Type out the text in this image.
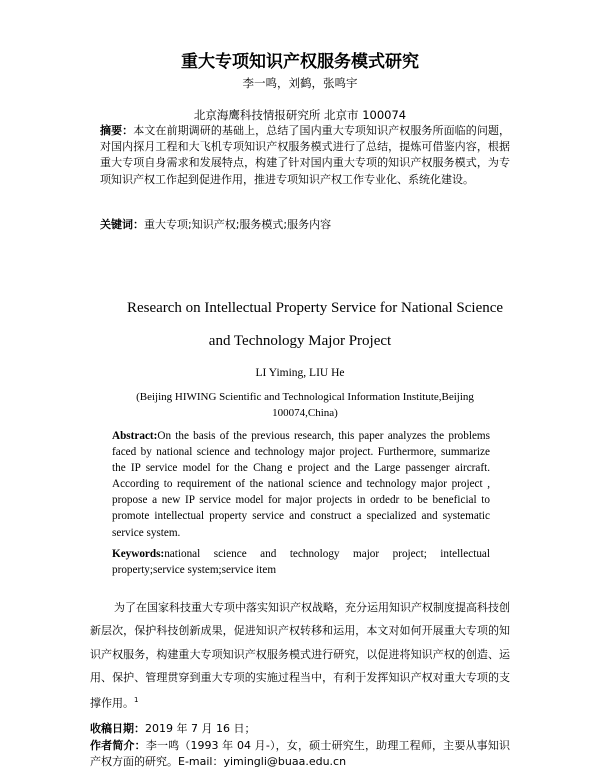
重大专项知识产权服务模式研究
李一鸣，刘鹤，张鸣宇
北京海鹰科技情报研究所 北京市 100074
摘要：本文在前期调研的基础上，总结了国内重大专项知识产权服务所面临的问题，对国内探月工程和大飞机专项知识产权服务模式进行了总结，提炼可借鉴内容，根据重大专项自身需求和发展特点，构建了针对国内重大专项的知识产权服务模式，为专项知识产权工作起到促进作用，推进专项知识产权工作专业化、系统化建设。
关键词：重大专项;知识产权;服务模式;服务内容
Research on Intellectual Property Service for National Science
and Technology Major Project
LI Yiming, LIU He
(Beijing HIWING Scientific and Technological Information Institute,Beijing 100074,China)
Abstract:On the basis of the previous research, this paper analyzes the problems faced by national science and technology major project. Furthermore, summarize the IP service model for the Chang e project and the Large passenger aircraft. According to requirement of the national science and technology major project , propose a new IP service model for major projects in ordedr to be beneficial to promote intellectual property service and construct a specialized and systematic service system.
Keywords:national science and technology major project; intellectual property;service system;service item
为了在国家科技重大专项中落实知识产权战略，充分运用知识产权制度提高科技创新层次，保护科技创新成果，促进知识产权转移和运用，本文对如何开展重大专项的知识产权服务，构建重大专项知识产权服务模式进行研究，以促进将知识产权的创造、运用、保护、管理贯穿到重大专项的实施过程当中，有利于发挥知识产权对重大专项的支撑作用。$^1$
收稿日期：2019 年 7 月 16 日；
作者简介：李一鸣（1993 年 04 月-），女，硕士研究生，助理工程师，主要从事知识产权方面的研究。E-mail：yimingli@buaa.edu.cn
